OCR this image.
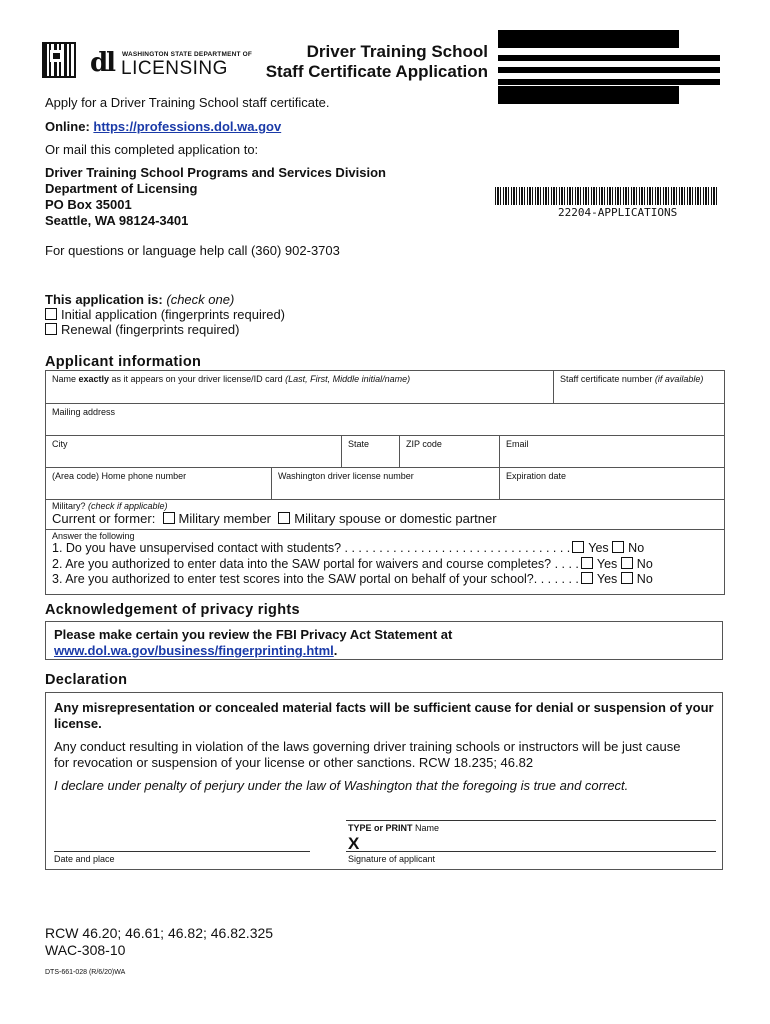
dl WASHINGTON STATE DEPARTMENT OF
LICENSING
Driver Training School
Staff Certificate Application
22204-APPLICATIONS
Apply for a Driver Training School staff certificate.
Online: https://professions.dol.wa.gov
Or mail this completed application to:
Driver Training School Programs and Services Division
Department of Licensing
PO Box 35001
Seattle, WA 98124-3401
For questions or language help call (360) 902-3703
This application is: (check one)
Initial application (fingerprints required)
Renewal (fingerprints required)
Applicant information
Name exactly as it appears on your driver license/ID card (Last, First, Middle initial/name)	Staff certificate number (if available)
Mailing address
City	State	ZIP code	Email
(Area code) Home phone number	Washington driver license number	Expiration date
Military? (check if applicable)
Current or former: Military member Military spouse or domestic partner
Answer the following
1. Do you have unsupervised contact with students? . . . . . . . . . . . . . . . . . . . . . . . . . . . . . . . . . Yes No
2. Are you authorized to enter data into the SAW portal for waivers and course completes? . . . . Yes No
3. Are you authorized to enter test scores into the SAW portal on behalf of your school?. . . . . . . Yes No
Acknowledgement of privacy rights
Please make certain you review the FBI Privacy Act Statement at
www.dol.wa.gov/business/fingerprinting.html.
Declaration
Any misrepresentation or concealed material facts will be sufficient cause for denial or suspension of your license.
Any conduct resulting in violation of the laws governing driver training schools or instructors will be just cause for revocation or suspension of your license or other sanctions. RCW 18.235; 46.82
I declare under penalty of perjury under the law of Washington that the foregoing is true and correct.
TYPE or PRINT Name
X
Date and place	Signature of applicant
RCW 46.20; 46.61; 46.82; 46.82.325
WAC-308-10
DTS-661-028 (R/6/20)WA
